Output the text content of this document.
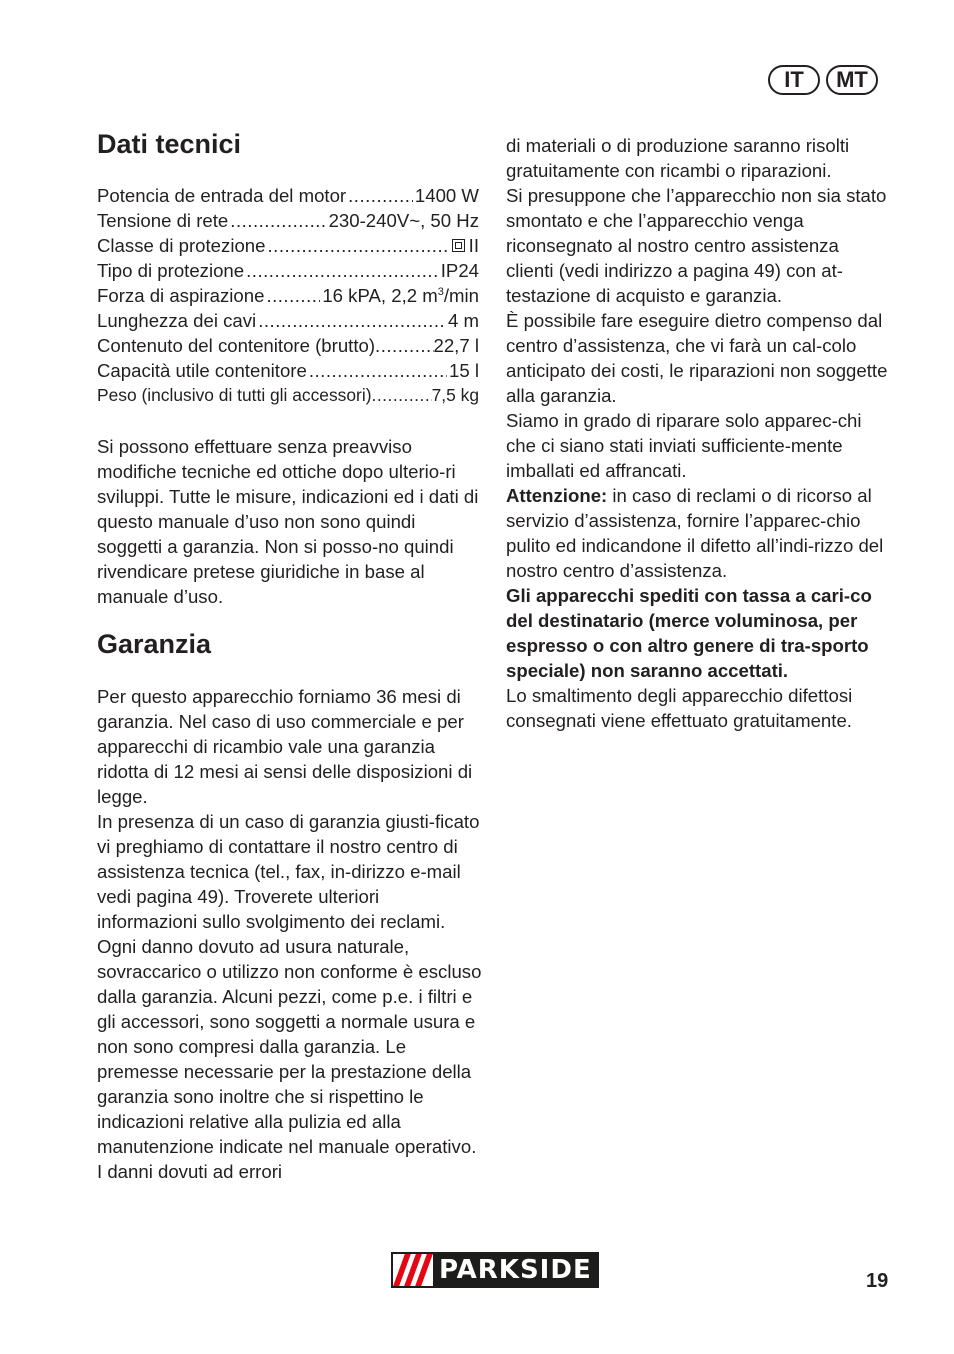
IT	MT
Dati tecnici
Potencia de entrada del motor .....	1400 W
Tensione di rete .....	230-240V~, 50 Hz
Classe di protezione .....	II
Tipo di protezione .....	IP24
Forza di aspirazione .....	16 kPA, 2,2 $m^3/\min$
Lunghezza dei cavi .....	4 m
Contenuto del contenitore (brutto) .....	22,7 l
Capacità utile contenitore .....	15 l
Peso (inclusivo di tutti gli accessori) .....	7,5 kg

Si possono effettuare senza preavviso modifiche tecniche ed ottiche dopo ulterio-ri sviluppi. Tutte le misure, indicazioni ed i dati di questo manuale d’uso non sono quindi soggetti a garanzia. Non si posso-no quindi rivendicare pretese giuridiche in base al manuale d’uso.

Garanzia

Per questo apparecchio forniamo 36 mesi di garanzia. Nel caso di uso commerciale e per apparecchi di ricambio vale una garanzia ridotta di 12 mesi ai sensi delle disposizioni di legge.

In presenza di un caso di garanzia giusti-ficato vi preghiamo di contattare il nostro centro di assistenza tecnica (tel., fax, in-dirizzo e-mail vedi pagina 49). Troverete ulteriori informazioni sullo svolgimento dei reclami.

Ogni danno dovuto ad usura naturale, sovraccarico o utilizzo non conforme è escluso dalla garanzia. Alcuni pezzi, come p.e. i filtri e gli accessori, sono soggetti a normale usura e non sono compresi dalla garanzia. Le premesse necessarie per la prestazione della garanzia sono inoltre che si rispettino le indicazioni relative alla pulizia ed alla manutenzione indicate nel manuale operativo. I danni dovuti ad errori

di materiali o di produzione saranno risolti gratuitamente con ricambi o riparazioni.

Si presuppone che l’apparecchio non sia stato smontato e che l’apparecchio venga riconsegnato al nostro centro assistenza clienti (vedi indirizzo a pagina 49) con at-testazione di acquisto e garanzia.

È possibile fare eseguire dietro compenso dal centro d’assistenza, che vi farà un cal-colo anticipato dei costi, le riparazioni non soggette alla garanzia.

Siamo in grado di riparare solo apparec-chi che ci siano stati inviati sufficiente-mente imballati ed affrancati.

Attenzione: in caso di reclami o di ricorso al servizio d’assistenza, fornire l’apparec-chio pulito ed indicandone il difetto all’indi-rizzo del nostro centro d’assistenza.

Gli apparecchi spediti con tassa a cari-co del destinatario (merce voluminosa, per espresso o con altro genere di tra-sporto speciale) non saranno accettati.

Lo smaltimento degli apparecchio difettosi consegnati viene effettuato gratuitamente.

PARKSIDE	19
